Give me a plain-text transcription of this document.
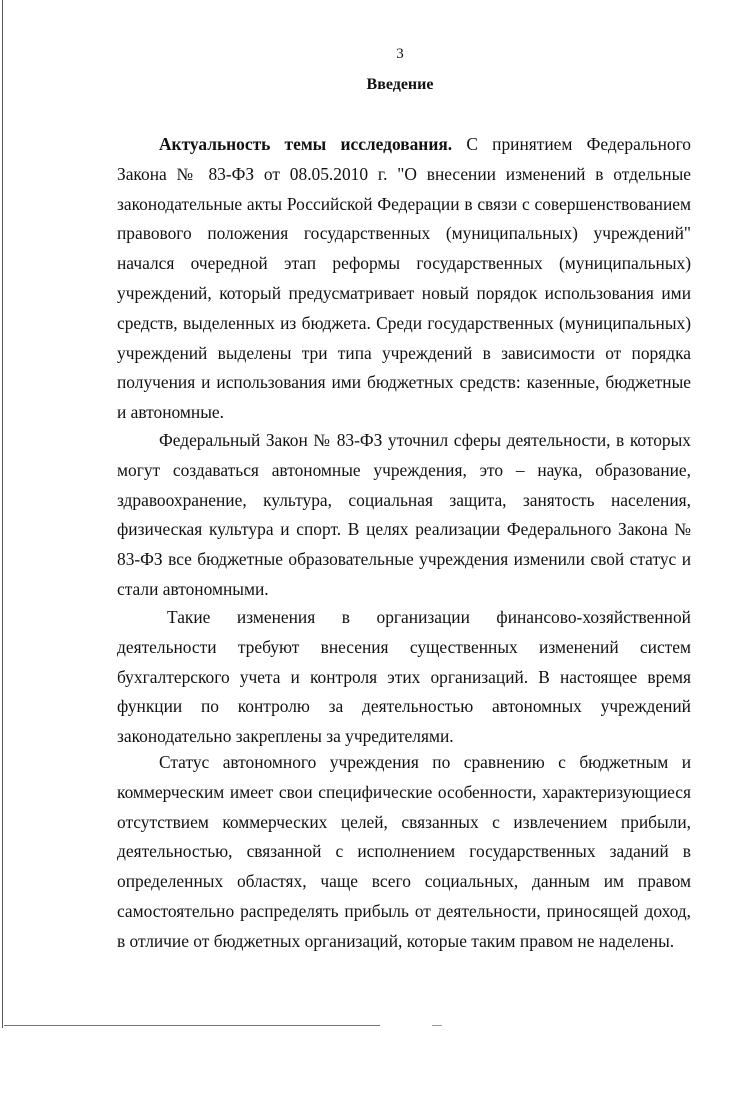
3
Введение

Актуальность темы исследования. С принятием Федерального Закона № 83-ФЗ от 08.05.2010 г. "О внесении изменений в отдельные законодательные акты Российской Федерации в связи с совершенствованием правового положения государственных (муниципальных) учреждений" начался очередной этап реформы государственных (муниципальных) учреждений, который предусматривает новый порядок использования ими средств, выделенных из бюджета. Среди государственных (муниципальных) учреждений выделены три типа учреждений в зависимости от порядка получения и использования ими бюджетных средств: казенные, бюджетные и автономные.

Федеральный Закон № 83-ФЗ уточнил сферы деятельности, в которых могут создаваться автономные учреждения, это – наука, образование, здравоохранение, культура, социальная защита, занятость населения, физическая культура и спорт. В целях реализации Федерального Закона № 83-ФЗ все бюджетные образовательные учреждения изменили свой статус и стали автономными.

Такие изменения в организации финансово-хозяйственной деятельности требуют внесения существенных изменений систем бухгалтерского учета и контроля этих организаций. В настоящее время функции по контролю за деятельностью автономных учреждений законодательно закреплены за учредителями.

Статус автономного учреждения по сравнению с бюджетным и коммерческим имеет свои специфические особенности, характеризующиеся отсутствием коммерческих целей, связанных с извлечением прибыли, деятельностью, связанной с исполнением государственных заданий в определенных областях, чаще всего социальных, данным им правом самостоятельно распределять прибыль от деятельности, приносящей доход, в отличие от бюджетных организаций, которые таким правом не наделены.
